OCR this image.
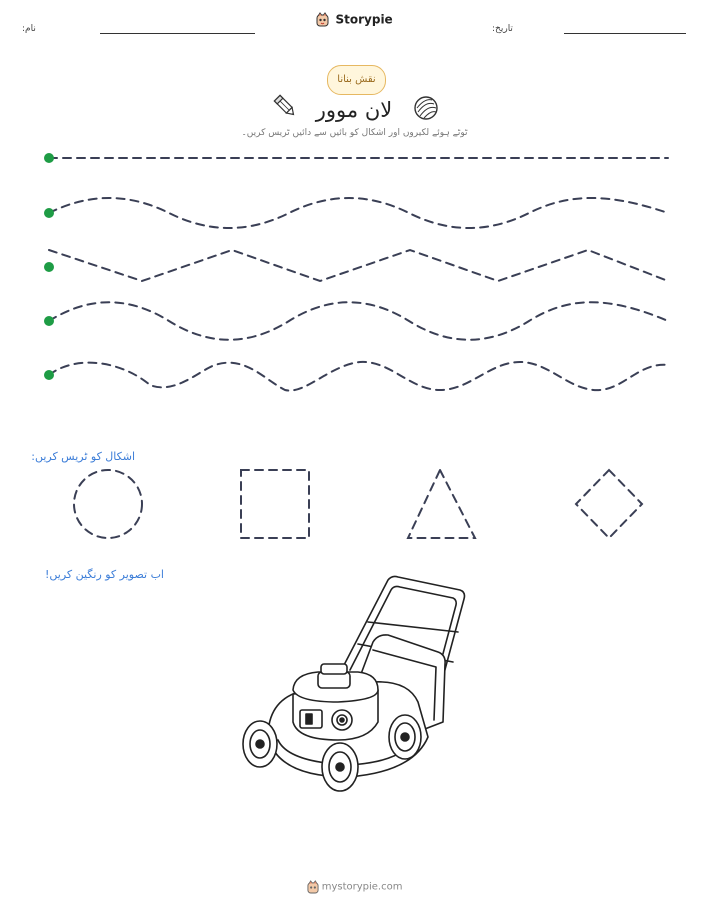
نام:
Storypie
تاریخ:
نقش بنانا
لان موور
ٹوٹے ہوئے لکیروں اور اشکال کو بائیں سے دائیں ٹریس کریں۔
اشکال کو ٹریس کریں:
اب تصویر کو رنگین کریں!
mystorypie.com
